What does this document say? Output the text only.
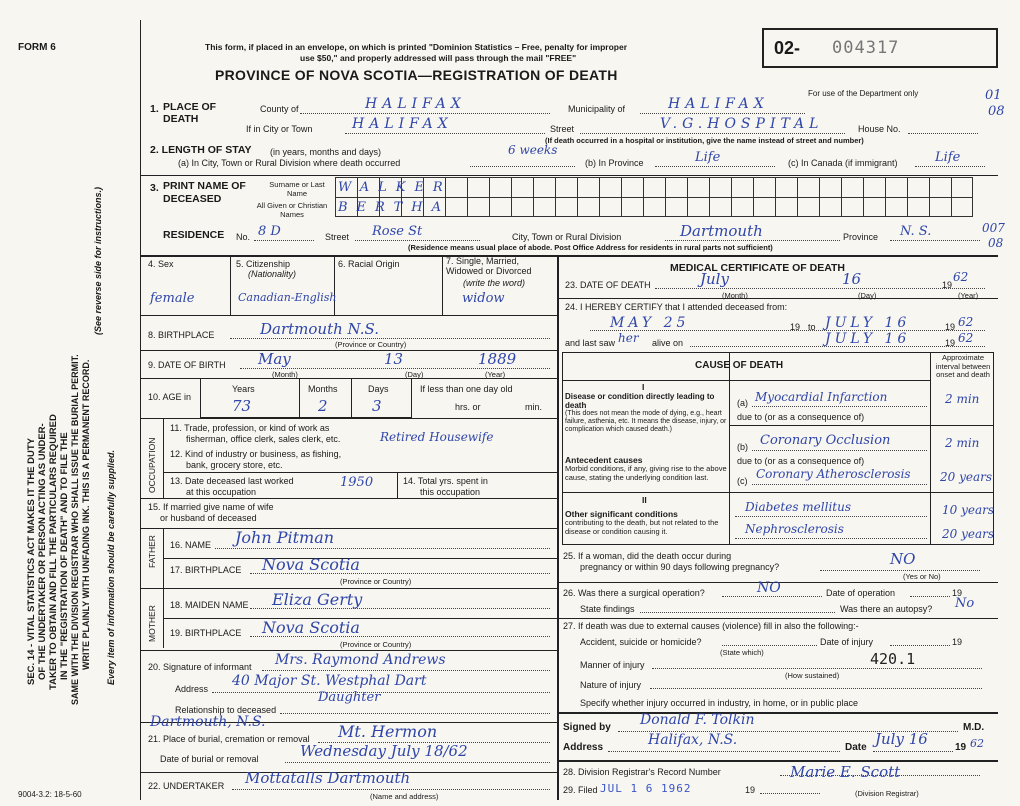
FORM 6	This form, if placed in an envelope, on which is printed "Dominion Statistics – Free, penalty for improper
use $50," and properly addressed will pass through the mail "FREE"
PROVINCE OF NOVA SCOTIA—REGISTRATION OF DEATH
02- 004317
For use of the Department only	01
08
SEC. 14 - VITAL STATISTICS ACT MAKES IT THE DUTY OF THE UNDERTAKER OR PERSON ACTING AS UNDER- TAKER TO OBTAIN AND FILL THE PARTICULARS REQUIRED IN THE "REGISTRATION OF DEATH" AND TO FILE THE SAME WITH THE DIVISION REGISTRAR WHO SHALL ISSUE THE BURIAL PERMIT. WRITE PLAINLY WITH UNFADING INK. THIS IS A PERMANENT RECORD.
(See reverse side for instructions.)
Every item of information should be carefully supplied.
1. PLACE OF DEATH
County of	HALIFAX	Municipality of	HALIFAX
If in City or Town	HALIFAX	Street	V.G.HOSPITAL	House No.
(If death occurred in a hospital or institution, give the name instead of street and number)
2. LENGTH OF STAY (in years, months and days)
(a) In City, Town or Rural Division where death occurred
6 weeks
(b) In Province	Life	(c) In Canada (if immigrant)	Life
3. PRINT NAME OF DECEASED
Surname or Last Name
All Given or Christian Names
WALKER
BERTHA
RESIDENCE No. 8 D	Street Rose St	City, Town or Rural Division	Dartmouth	Province N. S.	007
08
(Residence means usual place of abode. Post Office Address for residents in rural parts not sufficient)
4. Sex
female
5. Citizenship
(Nationality)
Canadian-English
6. Racial Origin	7. Single, Married, Widowed or Divorced
(write the word)
widow
8. BIRTHPLACE	Dartmouth N.S.
(Province or Country)
9. DATE OF BIRTH May	13	1889
(Month)	(Day)	(Year)
10. AGE in
Years
73
Months
2
Days
3
If less than one day old
hrs. or	min.
OCCUPATION
11. Trade, profession, or kind of work as
fisherman, office clerk, sales clerk, etc.	Retired Housewife
12. Kind of industry or business, as fishing,
bank, grocery store, etc.
13. Date deceased last worked
at this occupation
1950	14. Total yrs. spent in
this occupation
15. If married give name of wife
or husband of deceased
FATHER 16. NAME John Pitman
17. BIRTHPLACE Nova Scotia
(Province or Country)
MOTHER
18. MAIDEN NAME Eliza Gerty
19. BIRTHPLACE Nova Scotia
(Province or Country)
20. Signature of informant Mrs. Raymond Andrews
Address 40 Major St. Westphal Dart
Daughter
Relationship to deceased
Dartmouth, N.S.
21. Place of burial, cremation or removal Mt. Hermon
Date of burial or removal	Wednesday July 18/62
22. UNDERTAKER Mottatalls Dartmouth
(Name and address)
9004-3.2: 18-5-60
MEDICAL CERTIFICATE OF DEATH
23. DATE OF DEATH	July	16	19
62
(Month)	(Day)	(Year)
24. I HEREBY CERTIFY that I attended deceased from:
MAY 25	to
19 JULY 16	19 62
and last saw her alive on	JULY 16	19 62
CAUSE OF DEATH
Approximate interval between onset and death
I
Disease or condition directly leading to death
(This does not mean the mode of dying, e.g., heart failure, asthenia, etc. It means the disease, injury, or complication which caused death.)
(a) Myocardial Infarction	2 min
due to (or as a consequence of)
Antecedent causes
Morbid conditions, if any, giving rise to the above cause, stating the underlying condition last.
(b) Coronary Occlusion	2 min
due to (or as a consequence of)
(c) Coronary Atherosclerosis 20 years
II
Other significant conditions
contributing to the death, but not related to the disease or condition causing it.
Diabetes mellitus	10 years
Nephrosclerosis	20 years
25. If a woman, did the death occur during
pregnancy or within 90 days following pregnancy?	NO
(Yes or No)
26. Was there a surgical operation?	NO	Date of operation	19
State findings	Was there an autopsy? No
27. If death was due to external causes (violence) fill in also the following:-
Accident, suicide or homicide?	Date of injury	19
(State which)
Manner of injury	420.1
(How sustained)
Nature of injury
Specify whether injury occurred in industry, in home, or in public place
Signed by Donald F. Tolkin	M.D.
Address	Halifax, N.S.	Date July 16	19 62
28. Division Registrar's Record Number	Marie E. Scott
29. Filed JUL 1 6 1962	19	(Division Registrar)
